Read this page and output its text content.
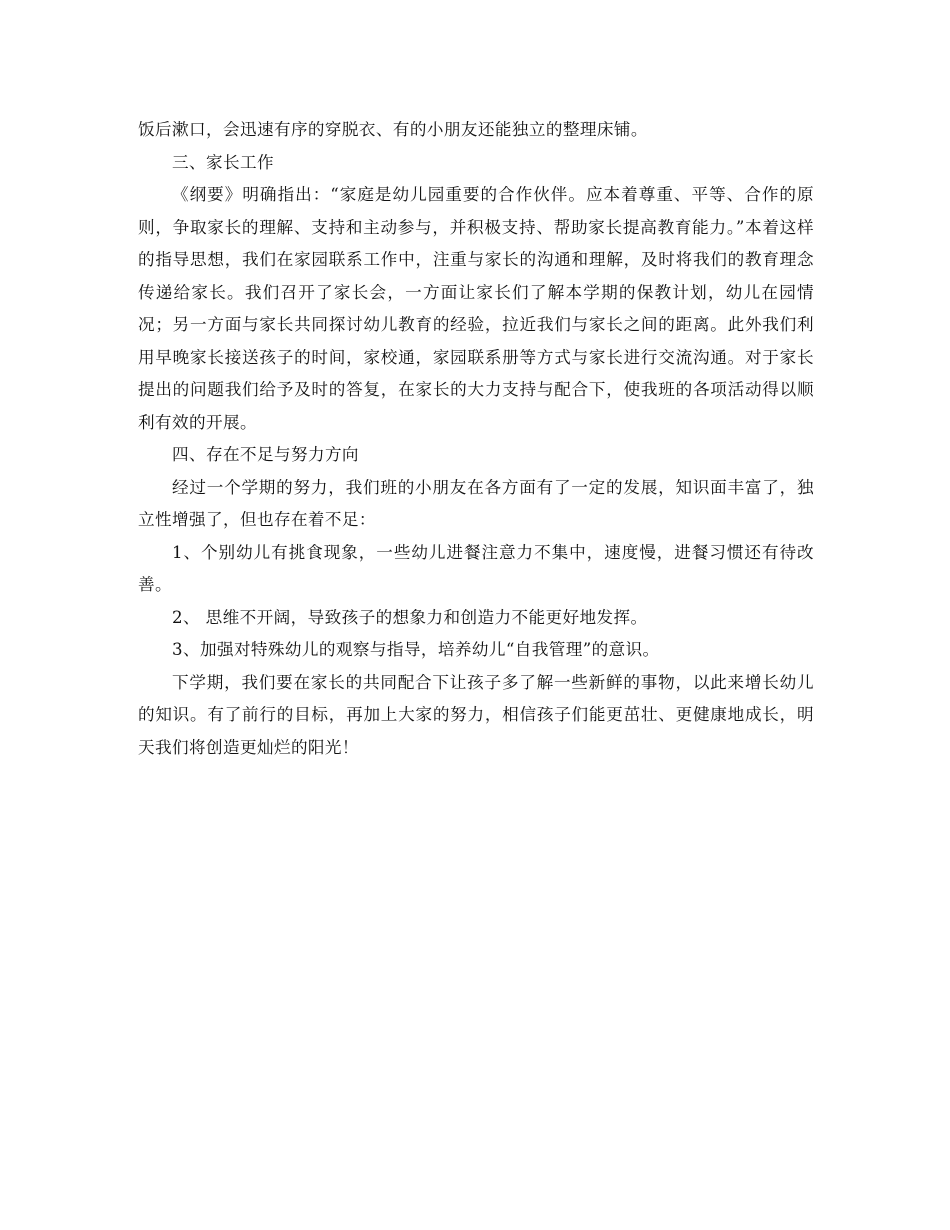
饭后漱口，会迅速有序的穿脱衣、有的小朋友还能独立的整理床铺。

三、家长工作

《纲要》明确指出：“家庭是幼儿园重要的合作伙伴。应本着尊重、平等、合作的原则，争取家长的理解、支持和主动参与，并积极支持、帮助家长提高教育能力。”本着这样的指导思想，我们在家园联系工作中，注重与家长的沟通和理解，及时将我们的教育理念传递给家长。我们召开了家长会，一方面让家长们了解本学期的保教计划，幼儿在园情况；另一方面与家长共同探讨幼儿教育的经验，拉近我们与家长之间的距离。此外我们利用早晚家长接送孩子的时间，家校通，家园联系册等方式与家长进行交流沟通。对于家长提出的问题我们给予及时的答复，在家长的大力支持与配合下，使我班的各项活动得以顺利有效的开展。

四、存在不足与努力方向

经过一个学期的努力，我们班的小朋友在各方面有了一定的发展，知识面丰富了，独立性增强了，但也存在着不足：

1、个别幼儿有挑食现象，一些幼儿进餐注意力不集中，速度慢，进餐习惯还有待改善。

2、 思维不开阔，导致孩子的想象力和创造力不能更好地发挥。

3、加强对特殊幼儿的观察与指导，培养幼儿“自我管理”的意识。

下学期，我们要在家长的共同配合下让孩子多了解一些新鲜的事物，以此来增长幼儿的知识。有了前行的目标，再加上大家的努力，相信孩子们能更茁壮、更健康地成长，明天我们将创造更灿烂的阳光！
